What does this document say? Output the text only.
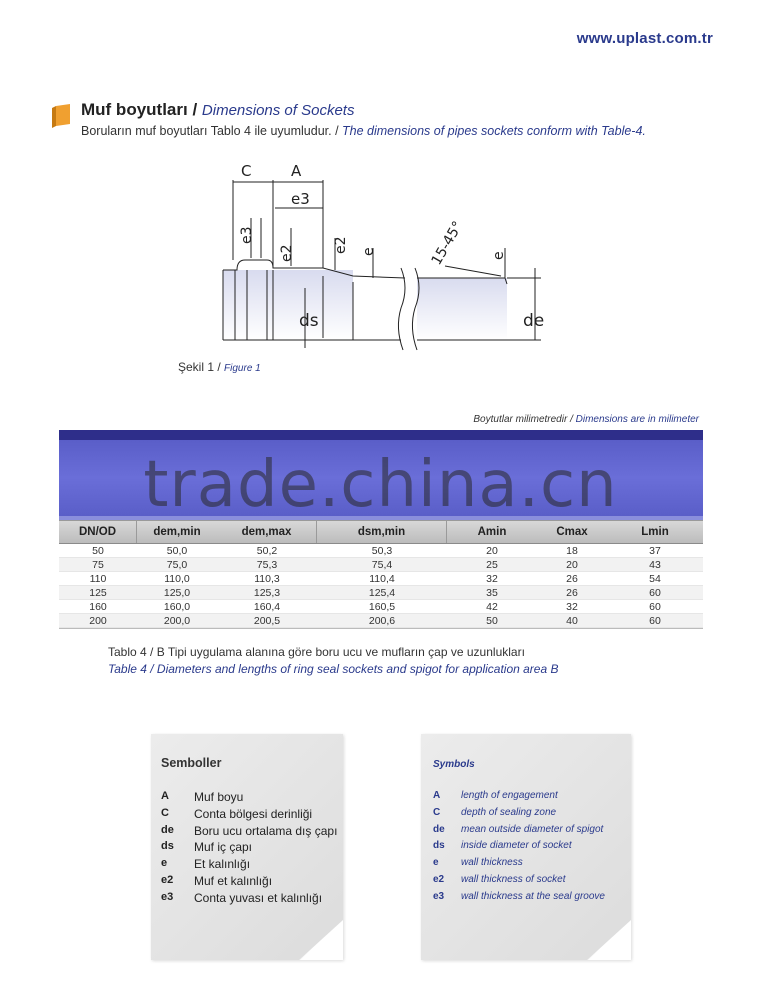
www.uplast.com.tr
Muf boyutları / Dimensions of Sockets
Boruların muf boyutları Tablo 4 ile uyumludur. / The dimensions of pipes sockets conform with Table-4.
C	A
e3
e3
e2	e2 e	15-45° e
ds	de
Şekil 1 / Figure 1
Boytutlar milimetredir / Dimensions are in milimeter
DN/OD	dem,min	dem,max	dsm,min	Amin	Cmax	Lmin
50	50,0	50,2	50,3	20	18	37
75	75,0	75,3	75,4	25	20	43
110	110,0	110,3	110,4	32	26	54
125	125,0	125,3	125,4	35	26	60
160	160,0	160,4	160,5	42	32	60
200	200,0	200,5	200,6	50	40	60
trade.china.cn
Tablo 4 / B Tipi uygulama alanına göre boru ucu ve mufların çap ve uzunlukları
Table 4 / Diameters and lengths of ring seal sockets and spigot for application area B
Semboller
A	Muf boyu
C	Conta bölgesi derinliği
de	Boru ucu ortalama dış çapı
ds	Muf iç çapı
e	Et kalınlığı
e2	Muf et kalınlığı
e3	Conta yuvası et kalınlığı
Symbols
A	length of engagement
C	depth of sealing zone
de	mean outside diameter of spigot
ds	inside diameter of socket
e	wall thickness
e2	wall thickness of socket
e3	wall thickness at the seal groove
